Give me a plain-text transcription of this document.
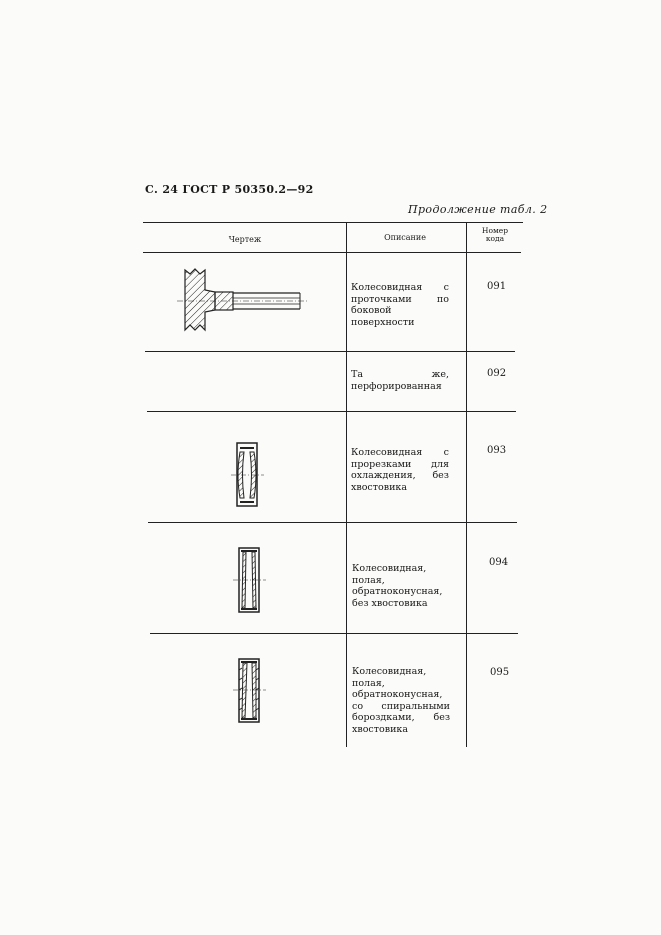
С. 24 ГОСТ Р 50350.2—92
Продолжение табл. 2
Чертеж	Описание
Номер кода
Колесовидная с проточками по боковой поверхности
091
Та же, перфорированная
092
Колесовидная с прорезками для охлаждения, без хвостовика
093
Колесовидная, полая, обратноконусная, без хвостовика
094
Колесовидная, полая, обратноконусная, со спиральными бороздками, без хвостовика
095
